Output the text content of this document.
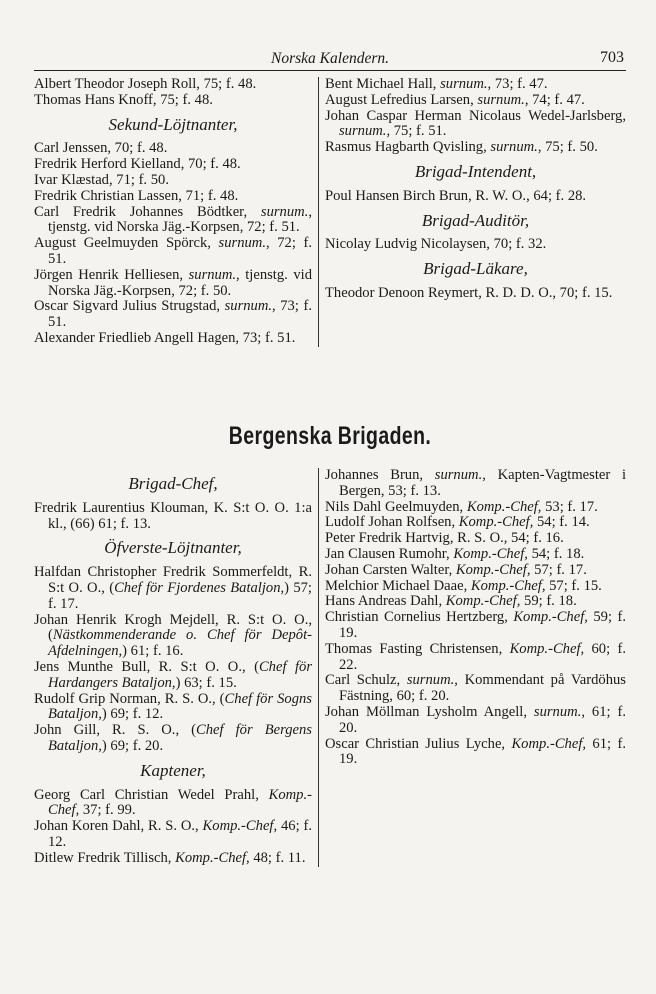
Norska Kalendern.	703
Albert Theodor Joseph Roll, 75; f. 48.
Thomas Hans Knoff, 75; f. 48.
Sekund-Löjtnanter,
Carl Jenssen, 70; f. 48.
Fredrik Herford Kielland, 70; f. 48.
Ivar Klæstad, 71; f. 50.
Fredrik Christian Lassen, 71; f. 48.
Carl Fredrik Johannes Bödtker, surnum., tjenstg. vid Norska Jäg.-Korpsen, 72; f. 51.
August Geelmuyden Spörck, surnum., 72; f. 51.
Jörgen Henrik Helliesen, surnum., tjenstg. vid Norska Jäg.-Korpsen, 72; f. 50.
Oscar Sigvard Julius Strugstad, surnum., 73; f. 51.
Alexander Friedlieb Angell Hagen, 73; f. 51.
Bent Michael Hall, surnum., 73; f. 47.
August Lefredius Larsen, surnum., 74; f. 47.
Johan Caspar Herman Nicolaus Wedel-Jarlsberg, surnum., 75; f. 51.
Rasmus Hagbarth Qvisling, surnum., 75; f. 50.
Brigad-Intendent,
Poul Hansen Birch Brun, R. W. O., 64; f. 28.
Brigad-Auditör,
Nicolay Ludvig Nicolaysen, 70; f. 32.
Brigad-Läkare,
Theodor Denoon Reymert, R. D. D. O., 70; f. 15.
Bergenska Brigaden.
Brigad-Chef,
Fredrik Laurentius Klouman, K. S:t O. O. 1:a kl., (66) 61; f. 13.
Öfverste-Löjtnanter,
Halfdan Christopher Fredrik Sommerfeldt, R. S:t O. O., (Chef för Fjordenes Bataljon,) 57; f. 17.
Johan Henrik Krogh Mejdell, R. S:t O. O., (Nästkommenderande o. Chef för Depôt-Afdelningen,) 61; f. 16.
Jens Munthe Bull, R. S:t O. O., (Chef för Hardangers Bataljon,) 63; f. 15.
Rudolf Grip Norman, R. S. O., (Chef för Sogns Bataljon,) 69; f. 12.
John Gill, R. S. O., (Chef för Bergens Bataljon,) 69; f. 20.
Kaptener,
Georg Carl Christian Wedel Prahl, Komp.-Chef, 37; f. 99.
Johan Koren Dahl, R. S. O., Komp.-Chef, 46; f. 12.
Ditlew Fredrik Tillisch, Komp.-Chef, 48; f. 11.
Johannes Brun, surnum., Kapten-Vagtmester i Bergen, 53; f. 13.
Nils Dahl Geelmuyden, Komp.-Chef, 53; f. 17.
Ludolf Johan Rolfsen, Komp.-Chef, 54; f. 14.
Peter Fredrik Hartvig, R. S. O., 54; f. 16.
Jan Clausen Rumohr, Komp.-Chef, 54; f. 18.
Johan Carsten Walter, Komp.-Chef, 57; f. 17.
Melchior Michael Daae, Komp.-Chef, 57; f. 15.
Hans Andreas Dahl, Komp.-Chef, 59; f. 18.
Christian Cornelius Hertzberg, Komp.-Chef, 59; f. 19.
Thomas Fasting Christensen, Komp.-Chef, 60; f. 22.
Carl Schulz, surnum., Kommendant på Vardöhus Fästning, 60; f. 20.
Johan Möllman Lysholm Angell, surnum., 61; f. 20.
Oscar Christian Julius Lyche, Komp.-Chef, 61; f. 19.
